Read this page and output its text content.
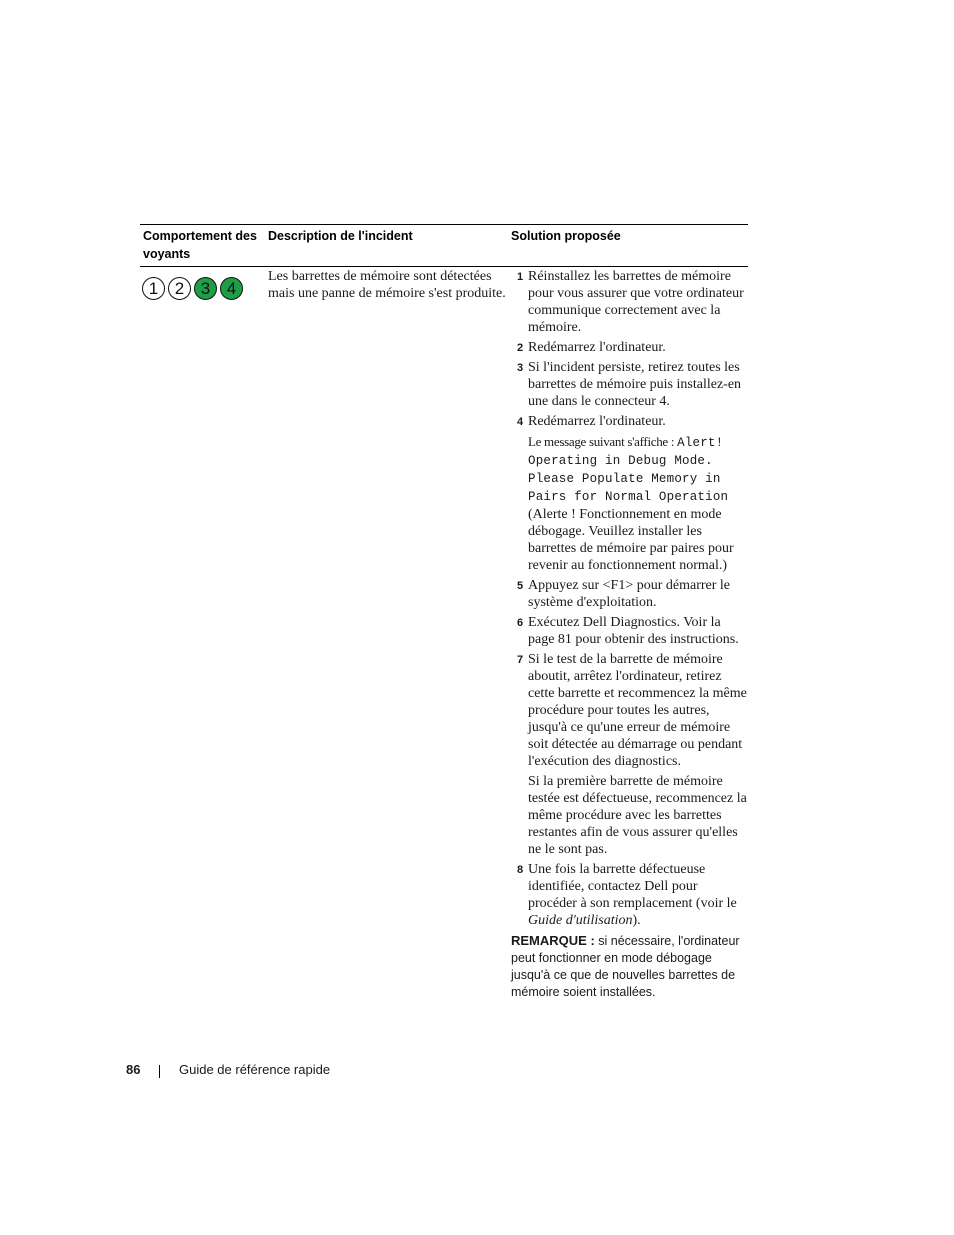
Comportement des voyants
Description de l'incident	Solution proposée
1 2 3 4

Les barrettes de mémoire sont détectées mais une panne de mémoire s'est produite.

1 Réinstallez les barrettes de mémoire pour vous assurer que votre ordinateur communique correctement avec la mémoire.
2 Redémarrez l'ordinateur.
3 Si l'incident persiste, retirez toutes les barrettes de mémoire puis installez-en une dans le connecteur 4.
4 Redémarrez l'ordinateur.
Le message suivant s'affiche : Alert! Operating in Debug Mode. Please Populate Memory in Pairs for Normal Operation (Alerte ! Fonctionnement en mode débogage. Veuillez installer les barrettes de mémoire par paires pour revenir au fonctionnement normal.)
5 Appuyez sur <F1> pour démarrer le système d'exploitation.
6 Exécutez Dell Diagnostics. Voir la page 81 pour obtenir des instructions.
7 Si le test de la barrette de mémoire aboutit, arrêtez l'ordinateur, retirez cette barrette et recommencez la même procédure pour toutes les autres, jusqu'à ce qu'une erreur de mémoire soit détectée au démarrage ou pendant l'exécution des diagnostics.
Si la première barrette de mémoire testée est défectueuse, recommencez la même procédure avec les barrettes restantes afin de vous assurer qu'elles ne le sont pas.
8 Une fois la barrette défectueuse identifiée, contactez Dell pour procéder à son remplacement (voir le Guide d'utilisation).
REMARQUE : si nécessaire, l'ordinateur peut fonctionner en mode débogage jusqu'à ce que de nouvelles barrettes de mémoire soient installées.
86	Guide de référence rapide
